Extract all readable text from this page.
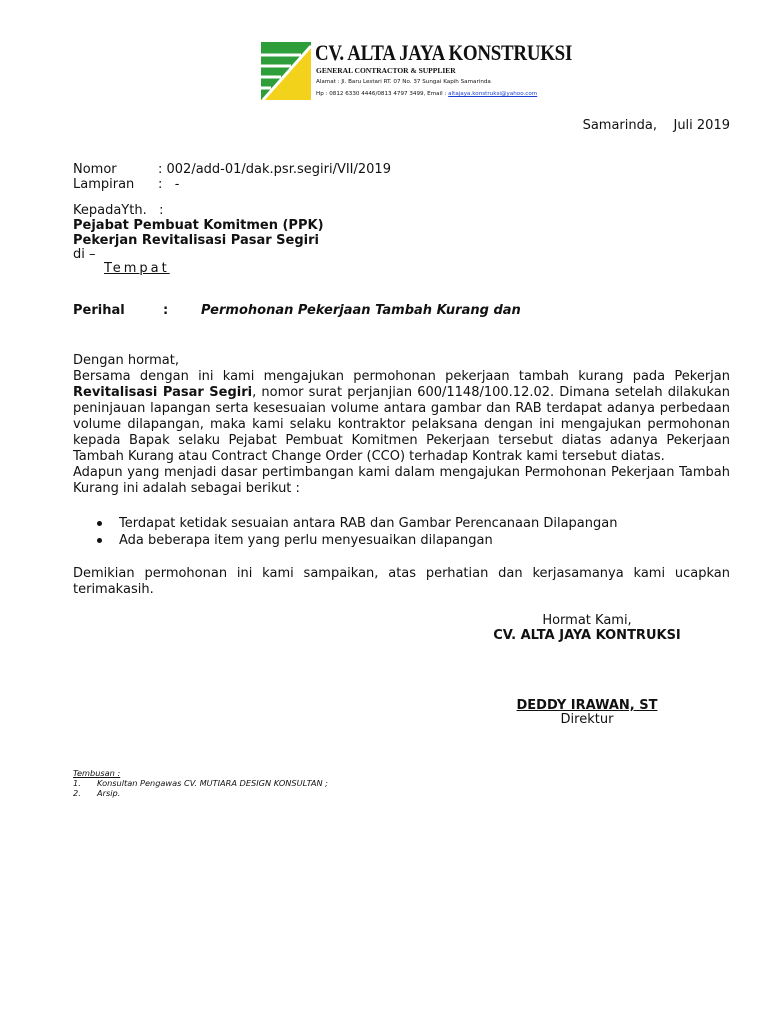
CV. ALTA JAYA KONSTRUKSI
GENERAL CONTRACTOR & SUPPLIER
Alamat : Jl. Baru Lestari RT. 07 No. 37 Sungai Kapih Samarinda
Hp : 0812 6330 4446/0813 4797 3499, Email : altajaya.konstruksi@yahoo.com
Samarinda,    Juli 2019
Nomor	: 002/add-01/dak.psr.segiri/VII/2019
Lampiran :   -
KepadaYth.   :
Pejabat Pembuat Komitmen (PPK)
Pekerjan Revitalisasi Pasar Segiri
di –
Tempat
Perihal	:	Permohonan Pekerjaan Tambah Kurang dan

Dengan hormat,

Bersama dengan ini kami mengajukan permohonan pekerjaan tambah kurang pada Pekerjan Revitalisasi Pasar Segiri, nomor surat perjanjian 600/1148/100.12.02. Dimana setelah dilakukan peninjauan lapangan serta kesesuaian volume antara gambar dan RAB terdapat adanya perbedaan volume dilapangan, maka kami selaku kontraktor pelaksana dengan ini mengajukan permohonan kepada Bapak selaku Pejabat Pembuat Komitmen Pekerjaan tersebut diatas adanya Pekerjaan Tambah Kurang atau Contract Change Order (CCO) terhadap Kontrak kami tersebut diatas.

Adapun yang menjadi dasar pertimbangan kami dalam mengajukan Permohonan Pekerjaan Tambah Kurang ini adalah sebagai berikut :

Terdapat ketidak sesuaian antara RAB dan Gambar Perencanaan Dilapangan
Ada beberapa item yang perlu menyesuaikan dilapangan
Demikian permohonan ini kami sampaikan, atas perhatian dan kerjasamanya kami ucapkan terimakasih.
Hormat Kami,
CV. ALTA JAYA KONTRUKSI
DEDDY IRAWAN, ST
Direktur
Tembusan :
1. Konsultan Pengawas CV. MUTIARA DESIGN KONSULTAN ;
2. Arsip.
